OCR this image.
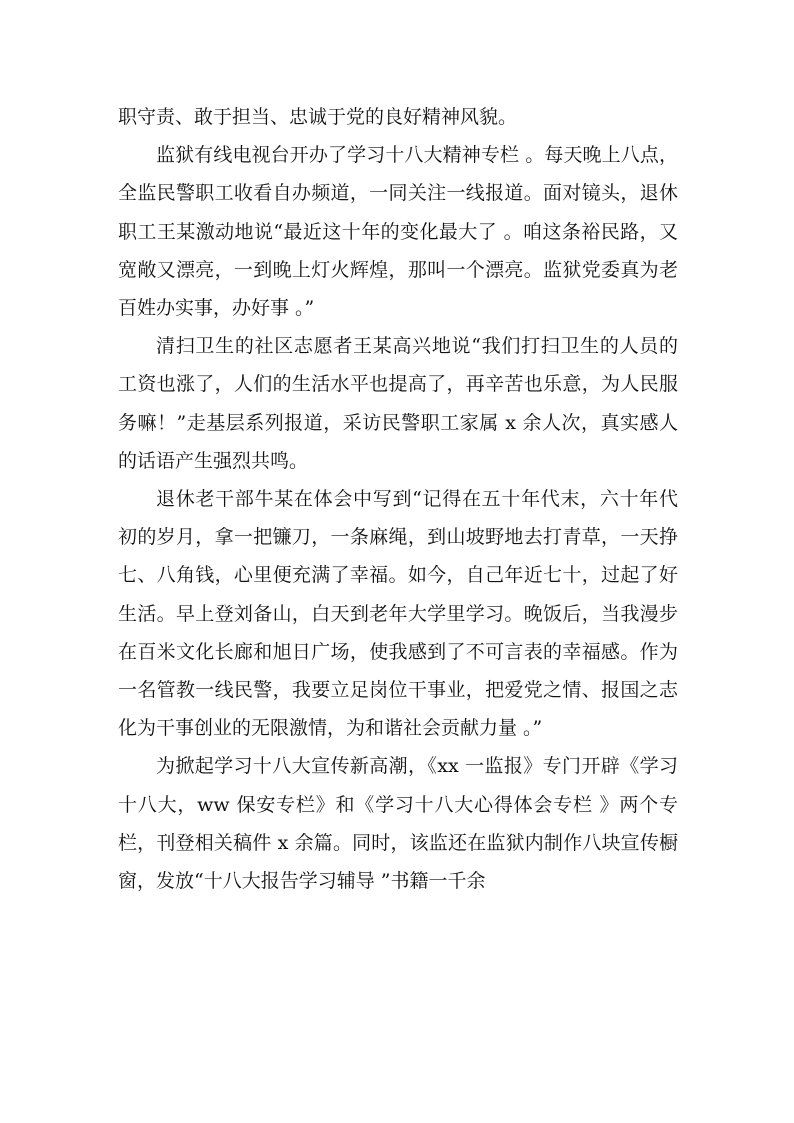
职守责、敢于担当、忠诚于党的良好精神风貌。

监狱有线电视台开办了学习十八大精神专栏 。每天晚上八点，全监民警职工收看自办频道，一同关注一线报道。面对镜头，退休职工王某激动地说“最近这十年的变化最大了 。咱这条裕民路，又宽敞又漂亮，一到晚上灯火辉煌，那叫一个漂亮。监狱党委真为老百姓办实事，办好事 。”

清扫卫生的社区志愿者王某高兴地说“我们打扫卫生的人员的工资也涨了，人们的生活水平也提高了，再辛苦也乐意，为人民服务嘛！”走基层系列报道，采访民警职工家属 x 余人次，真实感人的话语产生强烈共鸣。

退休老干部牛某在体会中写到“记得在五十年代末，六十年代初的岁月，拿一把镰刀，一条麻绳，到山坡野地去打青草，一天挣七、八角钱，心里便充满了幸福。如今，自己年近七十，过起了好生活。早上登刘备山，白天到老年大学里学习。晚饭后，当我漫步在百米文化长廊和旭日广场，使我感到了不可言表的幸福感。作为一名管教一线民警，我要立足岗位干事业，把爱党之情、报国之志化为干事创业的无限激情，为和谐社会贡献力量 。”

为掀起学习十八大宣传新高潮，《xx 一监报》专门开辟《学习十八大，ww 保安专栏》和《学习十八大心得体会专栏 》两个专栏，刊登相关稿件 x 余篇。同时，该监还在监狱内制作八块宣传橱窗，发放“十八大报告学习辅导 ”书籍一千余
